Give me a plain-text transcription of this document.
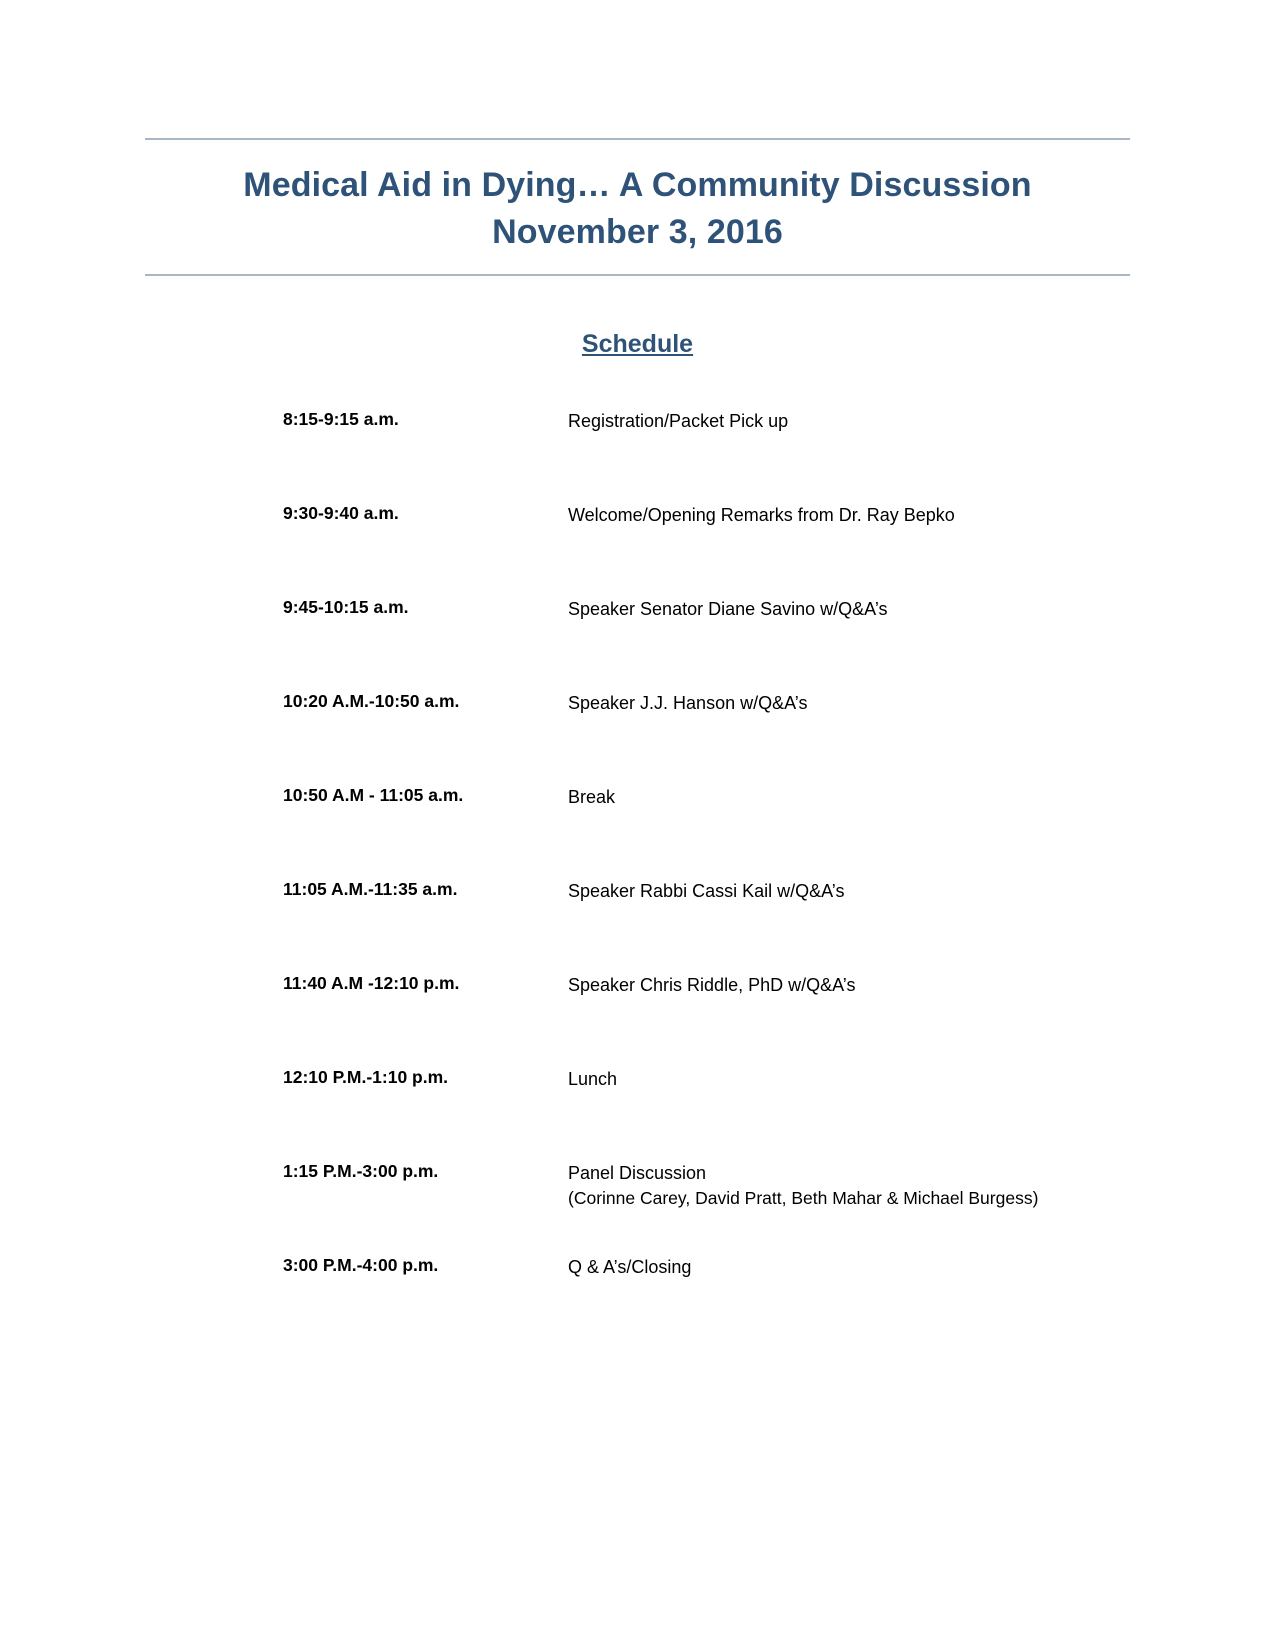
Medical Aid in Dying… A Community Discussion
November 3, 2016
Schedule
8:15-9:15 a.m.	Registration/Packet Pick up
9:30-9:40 a.m.	Welcome/Opening Remarks from Dr. Ray Bepko
9:45-10:15 a.m.	Speaker Senator Diane Savino w/Q&A’s
10:20 A.M.-10:50 a.m.	Speaker J.J. Hanson w/Q&A’s
10:50 A.M - 11:05 a.m.	Break
11:05 A.M.-11:35 a.m.	Speaker Rabbi Cassi Kail w/Q&A’s
11:40 A.M -12:10 p.m.	Speaker Chris Riddle, PhD w/Q&A’s
12:10 P.M.-1:10 p.m.	Lunch
1:15 P.M.-3:00 p.m.	Panel Discussion
(Corinne Carey, David Pratt, Beth Mahar & Michael Burgess)
3:00 P.M.-4:00 p.m.	Q & A’s/Closing
